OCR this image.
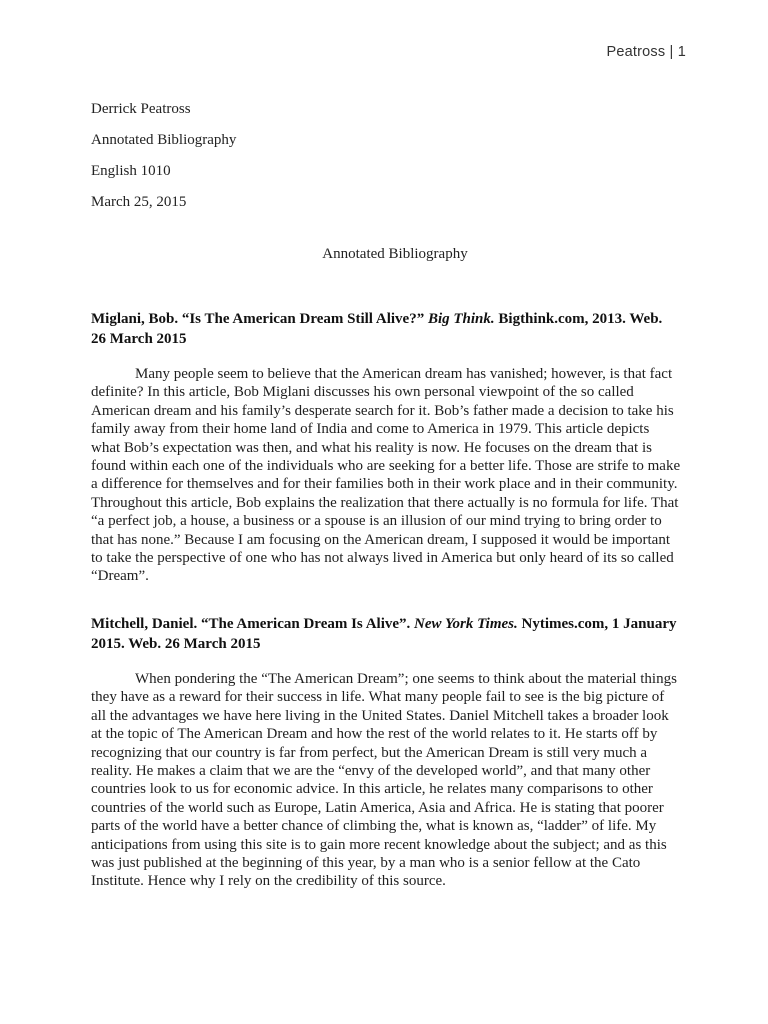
Peatross | 1
Derrick Peatross
Annotated Bibliography
English 1010
March 25, 2015
Annotated Bibliography

Miglani, Bob. “Is The American Dream Still Alive?” Big Think. Bigthink.com, 2013. Web. 26 March 2015

Many people seem to believe that the American dream has vanished; however, is that fact definite? In this article, Bob Miglani discusses his own personal viewpoint of the so called American dream and his family’s desperate search for it. Bob’s father made a decision to take his family away from their home land of India and come to America in 1979. This article depicts what Bob’s expectation was then, and what his reality is now. He focuses on the dream that is found within each one of the individuals who are seeking for a better life. Those are strife to make a difference for themselves and for their families both in their work place and in their community. Throughout this article, Bob explains the realization that there actually is no formula for life. That “a perfect job, a house, a business or a spouse is an illusion of our mind trying to bring order to that has none.” Because I am focusing on the American dream, I supposed it would be important to take the perspective of one who has not always lived in America but only heard of its so called “Dream”.

Mitchell, Daniel. “The American Dream Is Alive”. New York Times. Nytimes.com, 1 January 2015. Web. 26 March 2015

When pondering the “The American Dream”; one seems to think about the material things they have as a reward for their success in life. What many people fail to see is the big picture of all the advantages we have here living in the United States. Daniel Mitchell takes a broader look at the topic of The American Dream and how the rest of the world relates to it. He starts off by recognizing that our country is far from perfect, but the American Dream is still very much a reality. He makes a claim that we are the “envy of the developed world”, and that many other countries look to us for economic advice. In this article, he relates many comparisons to other countries of the world such as Europe, Latin America, Asia and Africa. He is stating that poorer parts of the world have a better chance of climbing the, what is known as, “ladder” of life. My anticipations from using this site is to gain more recent knowledge about the subject; and as this was just published at the beginning of this year, by a man who is a senior fellow at the Cato Institute. Hence why I rely on the credibility of this source.
